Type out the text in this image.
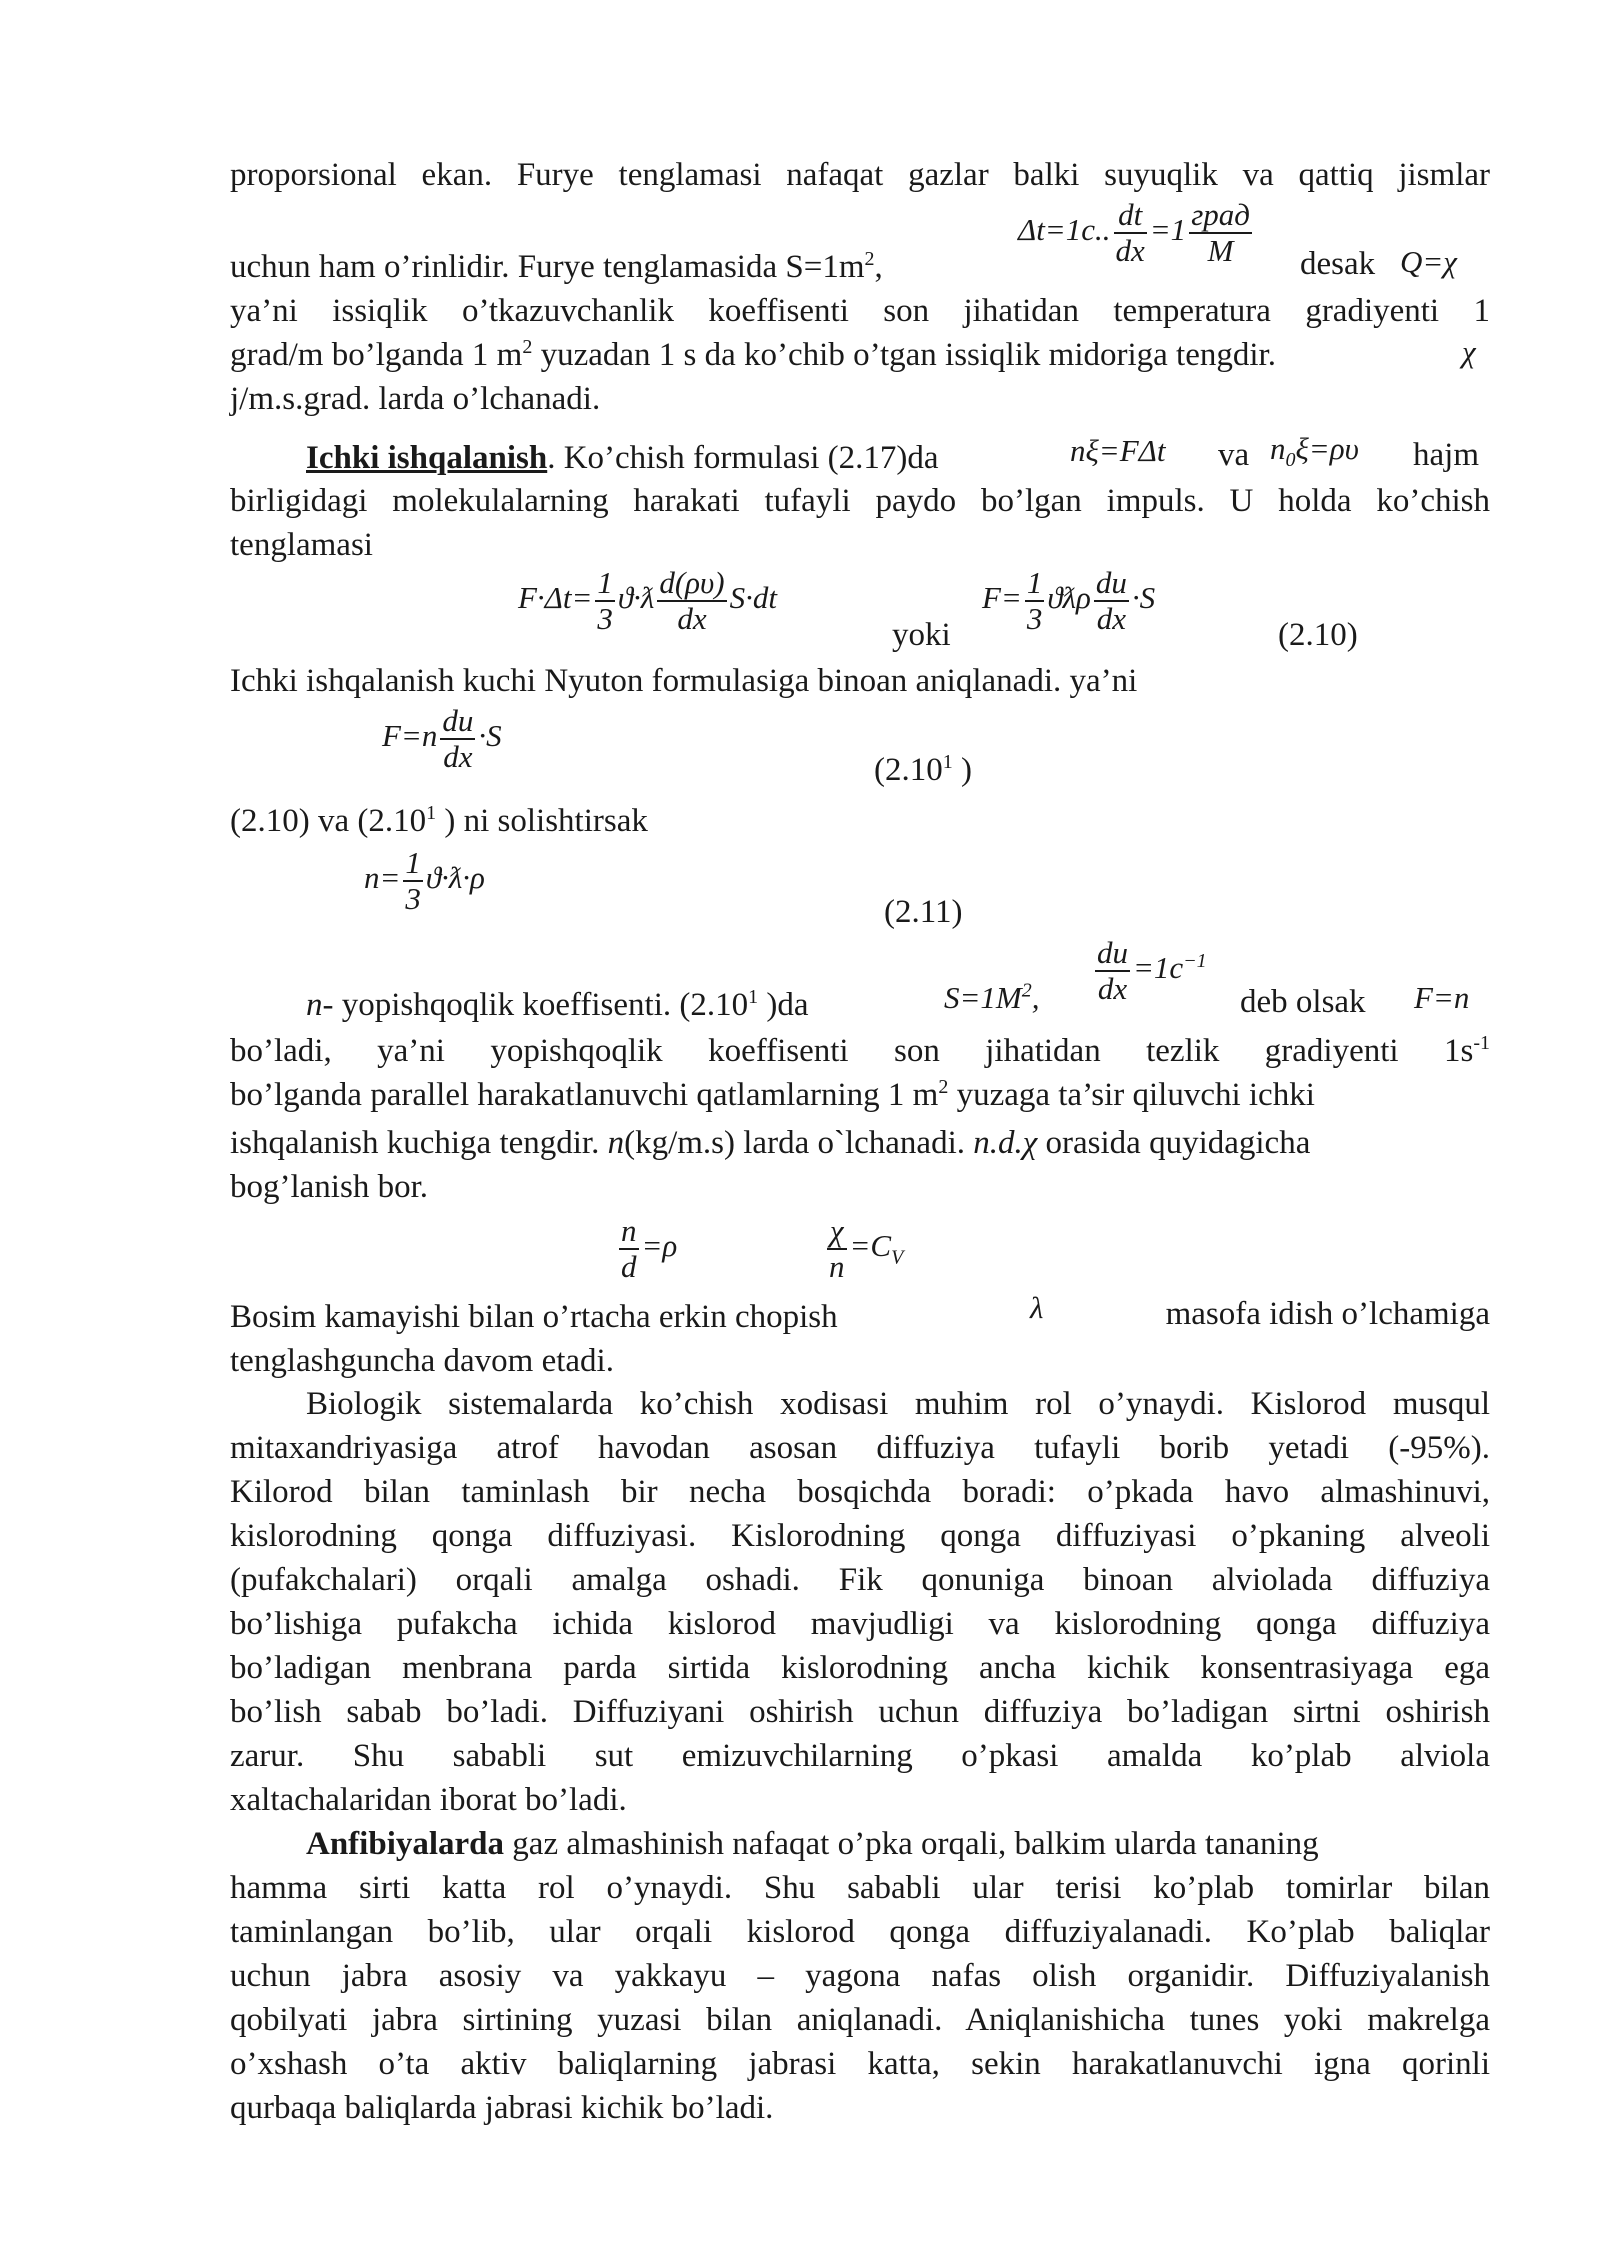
proporsional ekan. Furye tenglamasi nafaqat gazlar balki suyuqlik va qattiq jismlar
uchun ham o’rinlidir. Furye tenglamasida $S=1m^2$,
Δt=1c.. $\frac{dt}{dx} =1 \frac{\text{град}}{M}$ desak Q=χ
ya’ni issiqlik o’tkazuvchanlik koeffisenti son jihatidan temperatura gradiyenti 1
grad/m bo’lganda 1 $m^2$ yuzadan 1 s da ko’chib o’tgan issiqlik midoriga tengdir.	χ
j/m.s.grad. larda o’lchanadi.
Ichki ishqalanish. Ko’chish formulasi (2.17)da	nξ=FΔt va $n_0\xi=\rho\upsilon$ hajm
birligidagi molekulalarning harakati tufayli paydo bo’lgan impuls. U holda ko’chish
tenglamasi
$F\cdot\Delta t= \frac{1}{3}$ ϑ·ƛ $\frac{d(\rho\upsilon)}{dx} S\cdot dt$
yoki
$F= \frac{1}{3}$ ϑƛρ $\frac{du}{dx} \cdot S$
(2.10)
Ichki ishqalanish kuchi Nyuton formulasiga binoan aniqlanadi. ya’ni
$F=n \frac{du}{dx} \cdot S$
(2.10$^1$ )
(2.10) va (2.10$^1$ ) ni solishtirsak
$n= \frac{1}{3}$ ϑ·ƛ·ρ
(2.11)
n- yopishqoqlik koeffisenti. (2.10$^1$ )da	$S=1M^2$, $\frac{du}{dx} =1c^{-1}$
deb olsak F=n
bo’ladi, ya’ni yopishqoqlik koeffisenti son jihatidan tezlik gradiyenti $1s^{-1}$
bo’lganda parallel harakatlanuvchi qatlamlarning 1 $m^2$ yuzaga ta’sir qiluvchi ichki
ishqalanish kuchiga tengdir. n(kg/m.s) larda o`lchanadi. n.d.χ orasida quyidagicha
bog’lanish bor.
$\frac{n}{d} =\rho$	$\frac{\chi}{n} =C_V$
Bosim kamayishi bilan o’rtacha erkin chopish	λ	masofa idish o’lchamiga
tenglashguncha davom etadi.
Biologik sistemalarda ko’chish xodisasi muhim rol o’ynaydi. Kislorod musqul
mitaxandriyasiga atrof havodan asosan diffuziya tufayli borib yetadi (-95%).
Kilorod bilan taminlash bir necha bosqichda boradi: o’pkada havo almashinuvi,
kislorodning qonga diffuziyasi. Kislorodning qonga diffuziyasi o’pkaning alveoli
(pufakchalari) orqali amalga oshadi. Fik qonuniga binoan alviolada diffuziya
bo’lishiga pufakcha ichida kislorod mavjudligi va kislorodning qonga diffuziya
bo’ladigan menbrana parda sirtida kislorodning ancha kichik konsentrasiyaga ega
bo’lish sabab bo’ladi. Diffuziyani oshirish uchun diffuziya bo’ladigan sirtni oshirish
zarur. Shu sababli sut emizuvchilarning o’pkasi amalda ko’plab alviola
xaltachalaridan iborat bo’ladi.
Anfibiyalarda gaz almashinish nafaqat o’pka orqali, balkim ularda tananing
hamma sirti katta rol o’ynaydi. Shu sababli ular terisi ko’plab tomirlar bilan
taminlangan bo’lib, ular orqali kislorod qonga diffuziyalanadi. Ko’plab baliqlar
uchun jabra asosiy va yakkayu – yagona nafas olish organidir. Diffuziyalanish
qobilyati jabra sirtining yuzasi bilan aniqlanadi. Aniqlanishicha tunes yoki makrelga
o’xshash o’ta aktiv baliqlarning jabrasi katta, sekin harakatlanuvchi igna qorinli
qurbaqa baliqlarda jabrasi kichik bo’ladi.
